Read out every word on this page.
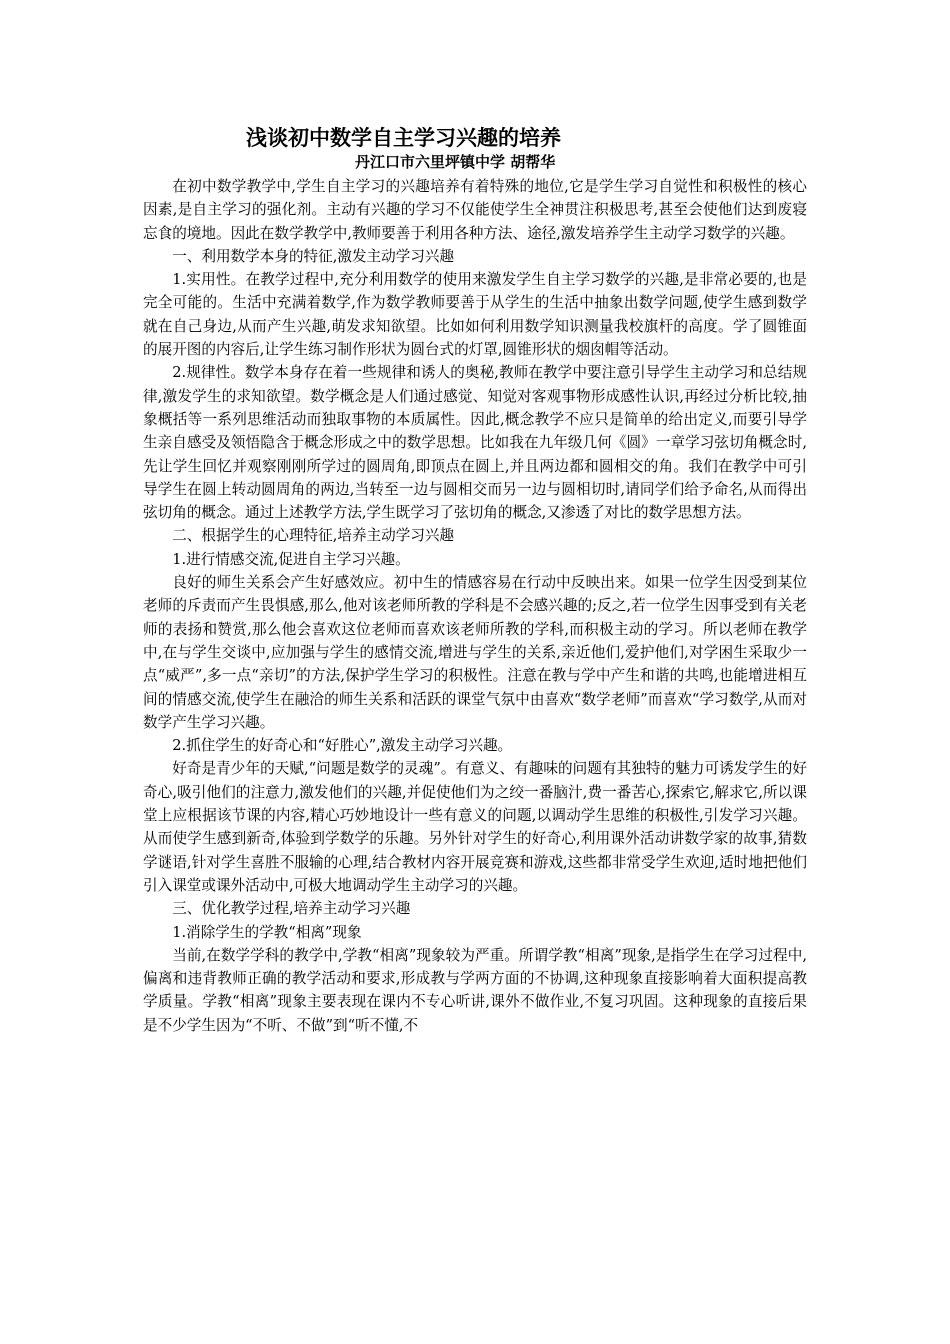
浅谈初中数学自主学习兴趣的培养
丹江口市六里坪镇中学 胡帮华

在初中数学教学中,学生自主学习的兴趣培养有着特殊的地位,它是学生学习自觉性和积极性的核心因素,是自主学习的强化剂。主动有兴趣的学习不仅能使学生全神贯注积极思考,甚至会使他们达到废寝忘食的境地。因此在数学教学中,教师要善于利用各种方法、途径,激发培养学生主动学习数学的兴趣。

一、利用数学本身的特征,激发主动学习兴趣

1.实用性。在教学过程中,充分利用数学的使用来激发学生自主学习数学的兴趣,是非常必要的,也是完全可能的。生活中充满着数学,作为数学教师要善于从学生的生活中抽象出数学问题,使学生感到数学就在自己身边,从而产生兴趣,萌发求知欲望。比如如何利用数学知识测量我校旗杆的高度。学了圆锥面的展开图的内容后,让学生练习制作形状为圆台式的灯罩,圆锥形状的烟囱帽等活动。

2.规律性。数学本身存在着一些规律和诱人的奥秘,教师在教学中要注意引导学生主动学习和总结规律,激发学生的求知欲望。数学概念是人们通过感觉、知觉对客观事物形成感性认识,再经过分析比较,抽象概括等一系列思维活动而独取事物的本质属性。因此,概念教学不应只是简单的给出定义,而要引导学生亲自感受及领悟隐含于概念形成之中的数学思想。比如我在九年级几何《圆》一章学习弦切角概念时,先让学生回忆并观察刚刚所学过的圆周角,即顶点在圆上,并且两边都和圆相交的角。我们在教学中可引导学生在圆上转动圆周角的两边,当转至一边与圆相交而另一边与圆相切时,请同学们给予命名,从而得出弦切角的概念。通过上述教学方法,学生既学习了弦切角的概念,又渗透了对比的数学思想方法。

二、根据学生的心理特征,培养主动学习兴趣

1.进行情感交流,促进自主学习兴趣。

良好的师生关系会产生好感效应。初中生的情感容易在行动中反映出来。如果一位学生因受到某位老师的斥责而产生畏惧感,那么,他对该老师所教的学科是不会感兴趣的;反之,若一位学生因事受到有关老师的表扬和赞赏,那么他会喜欢这位老师而喜欢该老师所教的学科,而积极主动的学习。所以老师在教学中,在与学生交谈中,应加强与学生的感情交流,增进与学生的关系,亲近他们,爱护他们,对学困生采取少一点“威严”,多一点“亲切”的方法,保护学生学习的积极性。注意在教与学中产生和谐的共鸣,也能增进相互间的情感交流,使学生在融洽的师生关系和活跃的课堂气氛中由喜欢“数学老师”而喜欢“学习数学,从而对数学产生学习兴趣。

2.抓住学生的好奇心和“好胜心”,激发主动学习兴趣。

好奇是青少年的天赋,“问题是数学的灵魂”。有意义、有趣味的问题有其独特的魅力可诱发学生的好奇心,吸引他们的注意力,激发他们的兴趣,并促使他们为之绞一番脑汁,费一番苦心,探索它,解求它,所以课堂上应根据该节课的内容,精心巧妙地设计一些有意义的问题,以调动学生思维的积极性,引发学习兴趣。从而使学生感到新奇,体验到学数学的乐趣。另外针对学生的好奇心,利用课外活动讲数学家的故事,猜数学谜语,针对学生喜胜不服输的心理,结合教材内容开展竞赛和游戏,这些都非常受学生欢迎,适时地把他们引入课堂或课外活动中,可极大地调动学生主动学习的兴趣。

三、优化教学过程,培养主动学习兴趣

1.消除学生的学教“相离”现象

当前,在数学学科的教学中,学教“相离”现象较为严重。所谓学教“相离”现象,是指学生在学习过程中,偏离和违背教师正确的教学活动和要求,形成教与学两方面的不协调,这种现象直接影响着大面积提高教学质量。学教“相离”现象主要表现在课内不专心听讲,课外不做作业,不复习巩固。这种现象的直接后果是不少学生因为“不听、不做”到“听不懂,不
